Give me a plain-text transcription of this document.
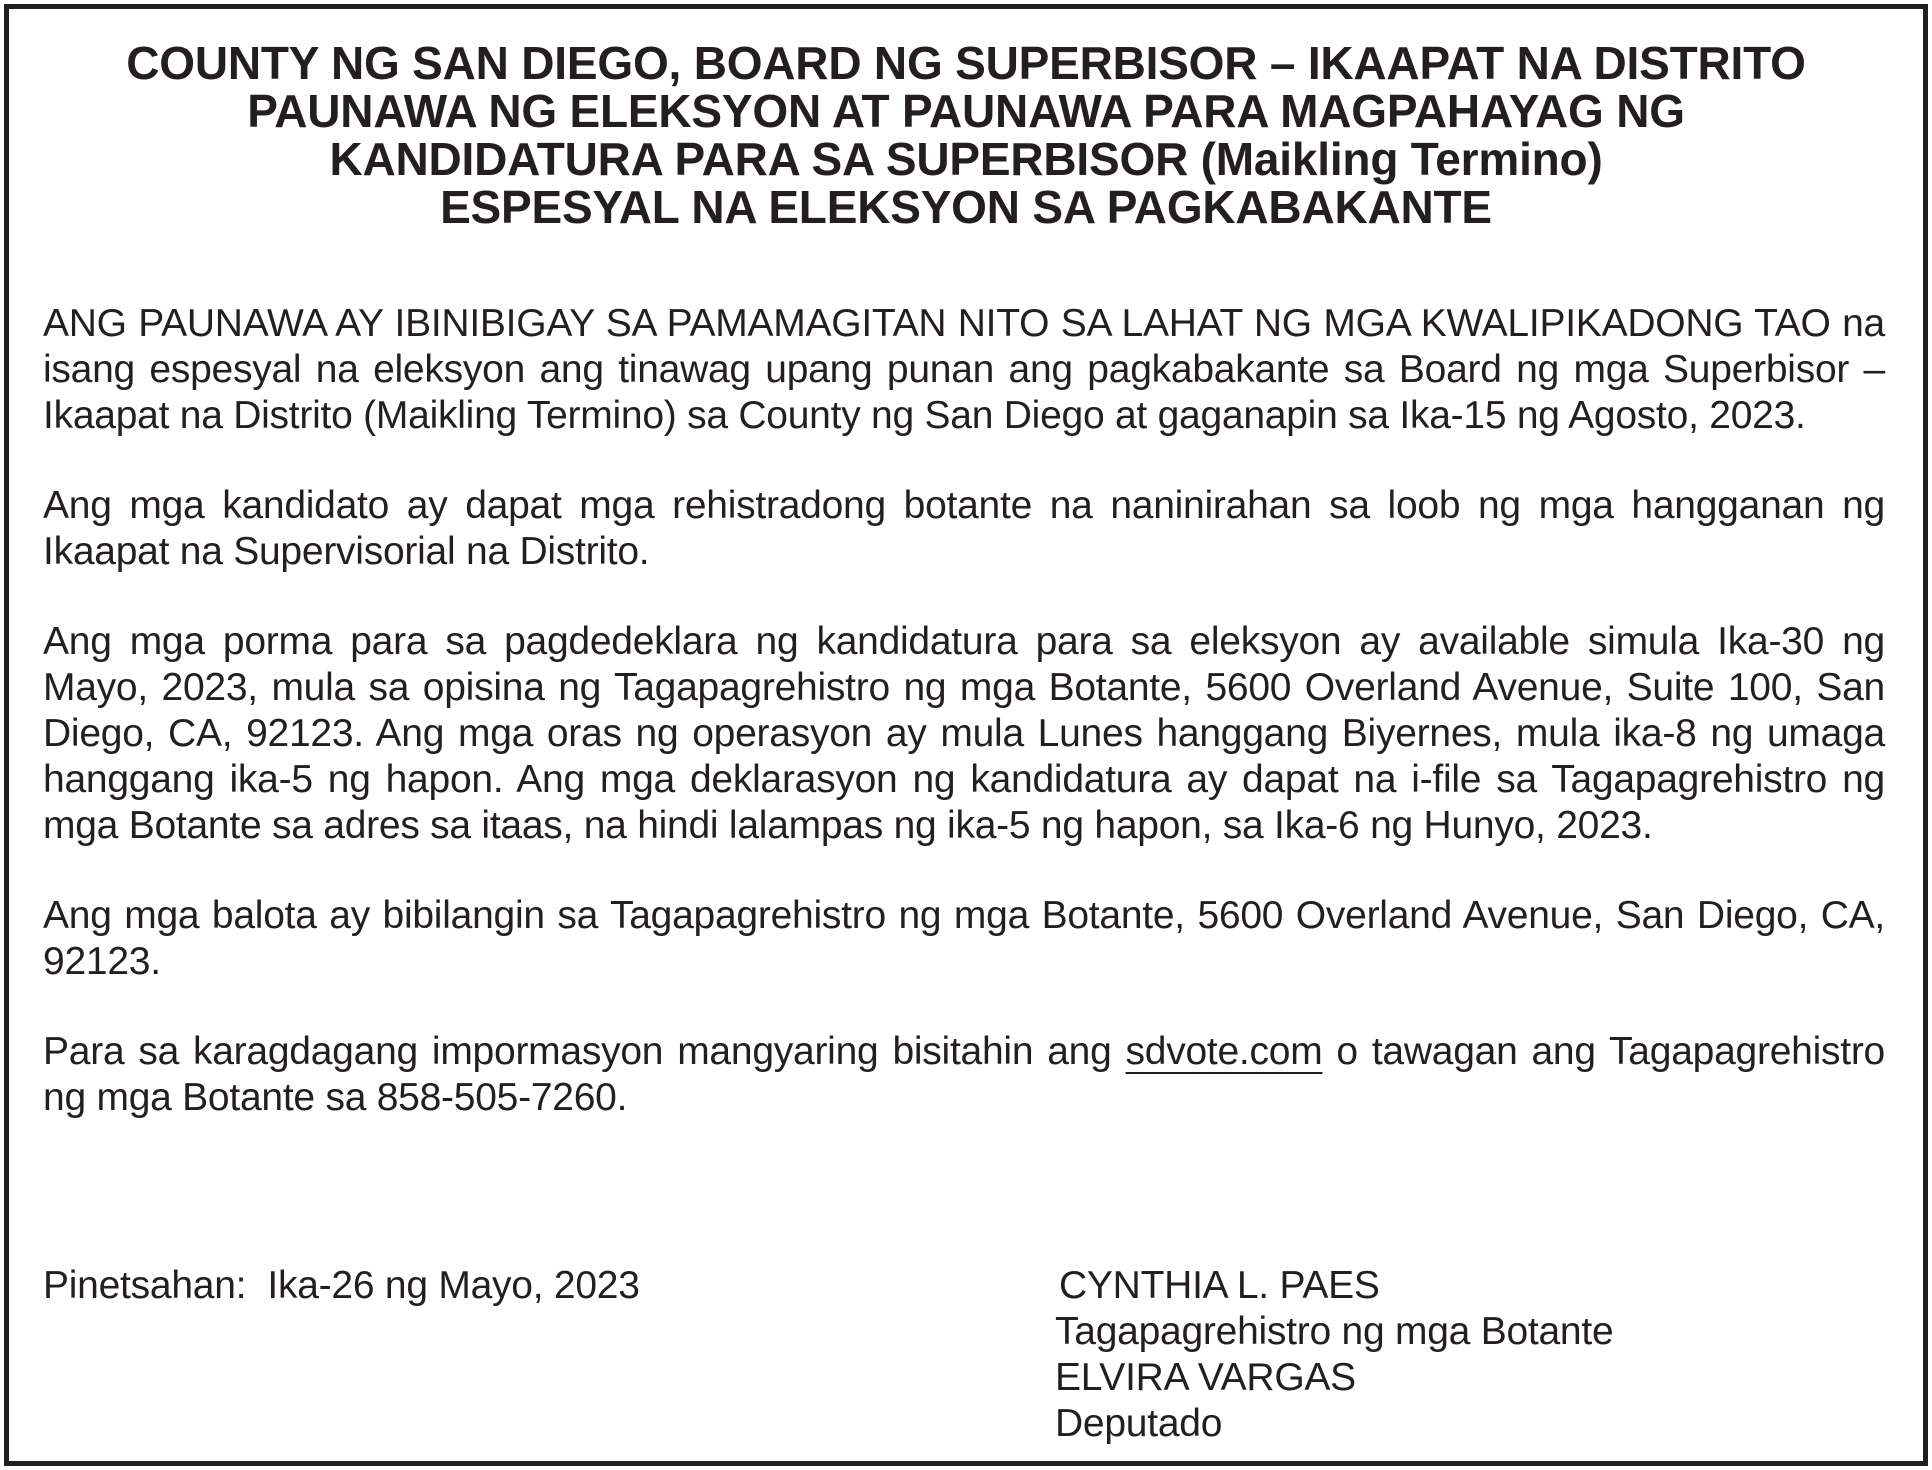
COUNTY NG SAN DIEGO, BOARD NG SUPERBISOR – IKAAPAT NA DISTRITO
PAUNAWA NG ELEKSYON AT PAUNAWA PARA MAGPAHAYAG NG
KANDIDATURA PARA SA SUPERBISOR (Maikling Termino)
ESPESYAL NA ELEKSYON SA PAGKABAKANTE

ANG PAUNAWA AY IBINIBIGAY SA PAMAMAGITAN NITO SA LAHAT NG MGA KWALIPIKADONG TAO na isang espesyal na eleksyon ang tinawag upang punan ang pagkabakante sa Board ng mga Superbisor – Ikaapat na Distrito (Maikling Termino) sa County ng San Diego at gaganapin sa Ika-15 ng Agosto, 2023.

Ang mga kandidato ay dapat mga rehistradong botante na naninirahan sa loob ng mga hangganan ng Ikaapat na Supervisorial na Distrito.

Ang mga porma para sa pagdedeklara ng kandidatura para sa eleksyon ay available simula Ika-30 ng Mayo, 2023, mula sa opisina ng Tagapagrehistro ng mga Botante, 5600 Overland Avenue, Suite 100, San Diego, CA, 92123. Ang mga oras ng operasyon ay mula Lunes hanggang Biyernes, mula ika-8 ng umaga hanggang ika-5 ng hapon. Ang mga deklarasyon ng kandidatura ay dapat na i-file sa Tagapagrehistro ng mga Botante sa adres sa itaas, na hindi lalampas ng ika-5 ng hapon, sa Ika-6 ng Hunyo, 2023.

Ang mga balota ay bibilangin sa Tagapagrehistro ng mga Botante, 5600 Overland Avenue, San Diego, CA, 92123.

Para sa karagdagang impormasyon mangyaring bisitahin ang sdvote.com o tawagan ang Tagapagrehistro ng mga Botante sa 858-505-7260.

Pinetsahan:  Ika-26 ng Mayo, 2023	CYNTHIA L. PAES
Tagapagrehistro ng mga Botante
ELVIRA VARGAS
Deputado
